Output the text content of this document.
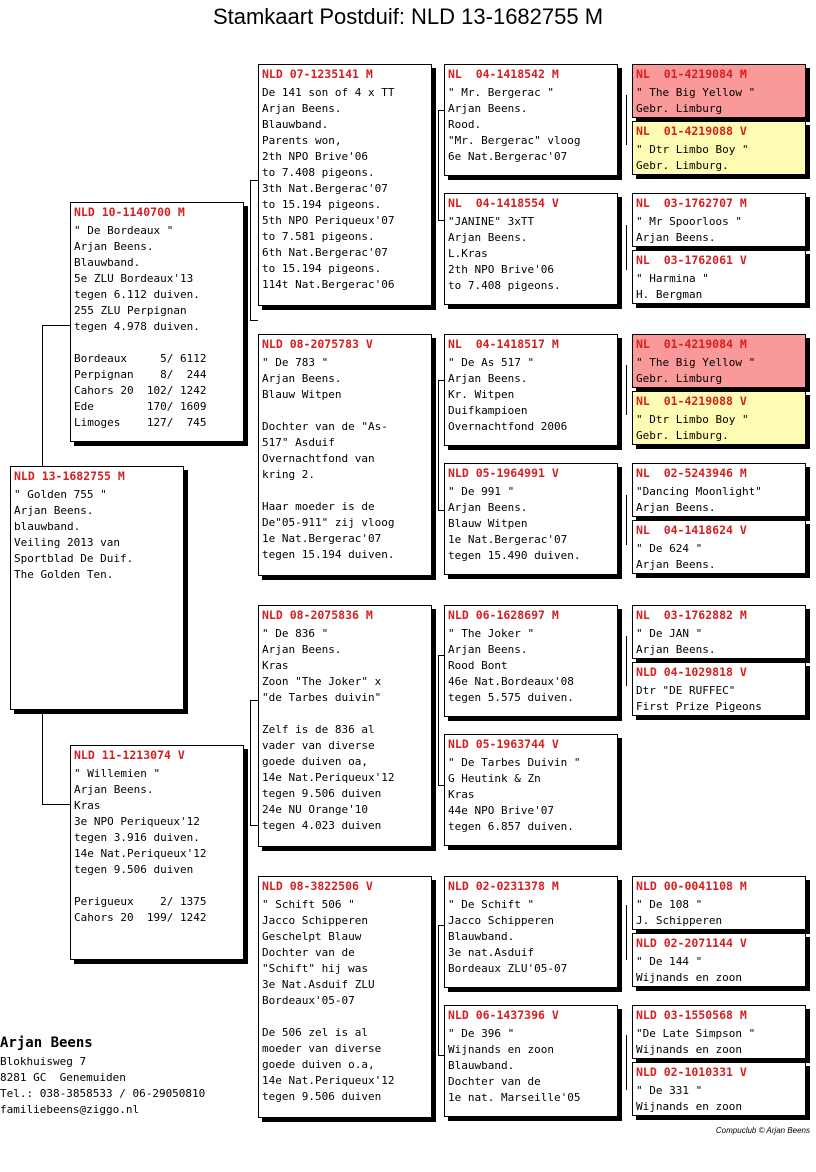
Stamkaart Postduif: NLD 13-1682755 M
NLD 13-1682755 M
" Golden 755 "
Arjan Beens.
blauwband.
Veiling 2013 van
Sportblad De Duif.
The Golden Ten.
NLD 10-1140700 M
" De Bordeaux "
Arjan Beens.
Blauwband.
5e ZLU Bordeaux'13
tegen 6.112 duiven.
255 ZLU Perpignan
tegen 4.978 duiven.

Bordeaux     5/ 6112
Perpignan    8/  244
Cahors 20  102/ 1242
Ede        170/ 1609
Limoges    127/  745
NLD 11-1213074 V
" Willemien "
Arjan Beens.
Kras
3e NPO Periqueux'12
tegen 3.916 duiven.
14e Nat.Periqueux'12
tegen 9.506 duiven

Perigueux    2/ 1375
Cahors 20  199/ 1242
NLD 07-1235141 M
De 141 son of 4 x TT
Arjan Beens.
Blauwband.
Parents won,
2th NPO Brive'06
to 7.408 pigeons.
3th Nat.Bergerac'07
to 15.194 pigeons.
5th NPO Periqueux'07
to 7.581 pigeons.
6th Nat.Bergerac'07
to 15.194 pigeons.
114t Nat.Bergerac'06
NLD 08-2075783 V
" De 783 "
Arjan Beens.
Blauw Witpen

Dochter van de "As-
517" Asduif
Overnachtfond van
kring 2.

Haar moeder is de
De"05-911" zij vloog
1e Nat.Bergerac'07
tegen 15.194 duiven.
NLD 08-2075836 M
" De 836 "
Arjan Beens.
Kras
Zoon "The Joker" x
"de Tarbes duivin"

Zelf is de 836 al
vader van diverse
goede duiven oa,
14e Nat.Periqueux'12
tegen 9.506 duiven
24e NU Orange'10
tegen 4.023 duiven
NLD 08-3822506 V
" Schift 506 "
Jacco Schipperen
Geschelpt Blauw
Dochter van de
"Schift" hij was
3e Nat.Asduif ZLU
Bordeaux'05-07

De 506 zel is al
moeder van diverse
goede duiven o.a,
14e Nat.Periqueux'12
tegen 9.506 duiven
NL  04-1418542 M
" Mr. Bergerac "
Arjan Beens.
Rood.
"Mr. Bergerac" vloog
6e Nat.Bergerac'07
NL  04-1418554 V
"JANINE" 3xTT
Arjan Beens.
L.Kras
2th NPO Brive'06
to 7.408 pigeons.
NL  04-1418517 M
" De As 517 "
Arjan Beens.
Kr. Witpen
Duifkampioen
Overnachtfond 2006
NLD 05-1964991 V
" De 991 "
Arjan Beens.
Blauw Witpen
1e Nat.Bergerac'07
tegen 15.490 duiven.
NLD 06-1628697 M
" The Joker "
Arjan Beens.
Rood Bont
46e Nat.Bordeaux'08
tegen 5.575 duiven.
NLD 05-1963744 V
" De Tarbes Duivin "
G Heutink & Zn
Kras
44e NPO Brive'07
tegen 6.857 duiven.
NLD 02-0231378 M
" De Schift "
Jacco Schipperen
Blauwband.
3e nat.Asduif
Bordeaux ZLU'05-07
NLD 06-1437396 V
" De 396 "
Wijnands en zoon
Blauwband.
Dochter van de
1e nat. Marseille'05
NL  01-4219084 M
" The Big Yellow "
Gebr. Limburg
NL  01-4219088 V
" Dtr Limbo Boy "
Gebr. Limburg.
NL  03-1762707 M
" Mr Spoorloos "
Arjan Beens.
NL  03-1762061 V
" Harmina "
H. Bergman
NL  01-4219084 M
" The Big Yellow "
Gebr. Limburg
NL  01-4219088 V
" Dtr Limbo Boy "
Gebr. Limburg.
NL  02-5243946 M
"Dancing Moonlight"
Arjan Beens.
NL  04-1418624 V
" De 624 "
Arjan Beens.
NL  03-1762882 M
" De JAN "
Arjan Beens.
NLD 04-1029818 V
Dtr "DE RUFFEC"
First Prize Pigeons
NLD 00-0041108 M
" De 108 "
J. Schipperen
NLD 02-2071144 V
" De 144 "
Wijnands en zoon
NLD 03-1550568 M
"De Late Simpson "
Wijnands en zoon
NLD 02-1010331 V
" De 331 "
Wijnands en zoon
Arjan Beens
Blokhuisweg 7
8281 GC  Genemuiden
Tel.: 038-3858533 / 06-29050810
familiebeens@ziggo.nl
Compuclub © Arjan Beens
